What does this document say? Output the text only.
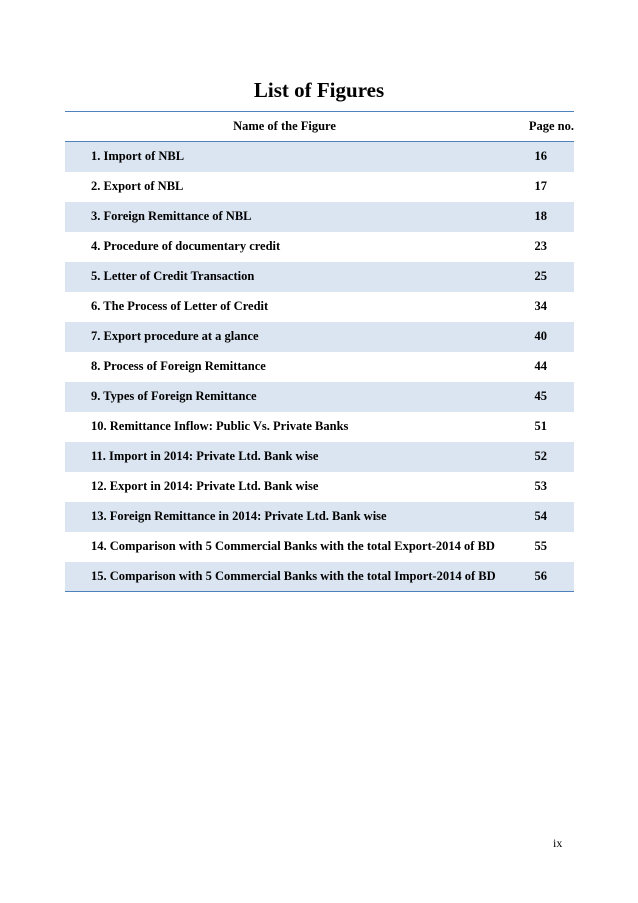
List of Figures
Name of the Figure	Page no.
1. Import of NBL	16
2. Export of NBL	17
3. Foreign Remittance of NBL	18
4. Procedure of documentary credit	23
5. Letter of Credit Transaction	25
6. The Process of Letter of Credit	34
7. Export procedure at a glance	40
8. Process of Foreign Remittance	44
9. Types of Foreign Remittance	45
10. Remittance Inflow: Public Vs. Private Banks	51
11. Import in 2014: Private Ltd. Bank wise	52
12. Export in 2014: Private Ltd. Bank wise	53
13. Foreign Remittance in 2014: Private Ltd. Bank wise	54
14. Comparison with 5 Commercial Banks with the total Export-2014 of BD	55
15. Comparison with 5 Commercial Banks with the total Import-2014 of BD	56
ix
